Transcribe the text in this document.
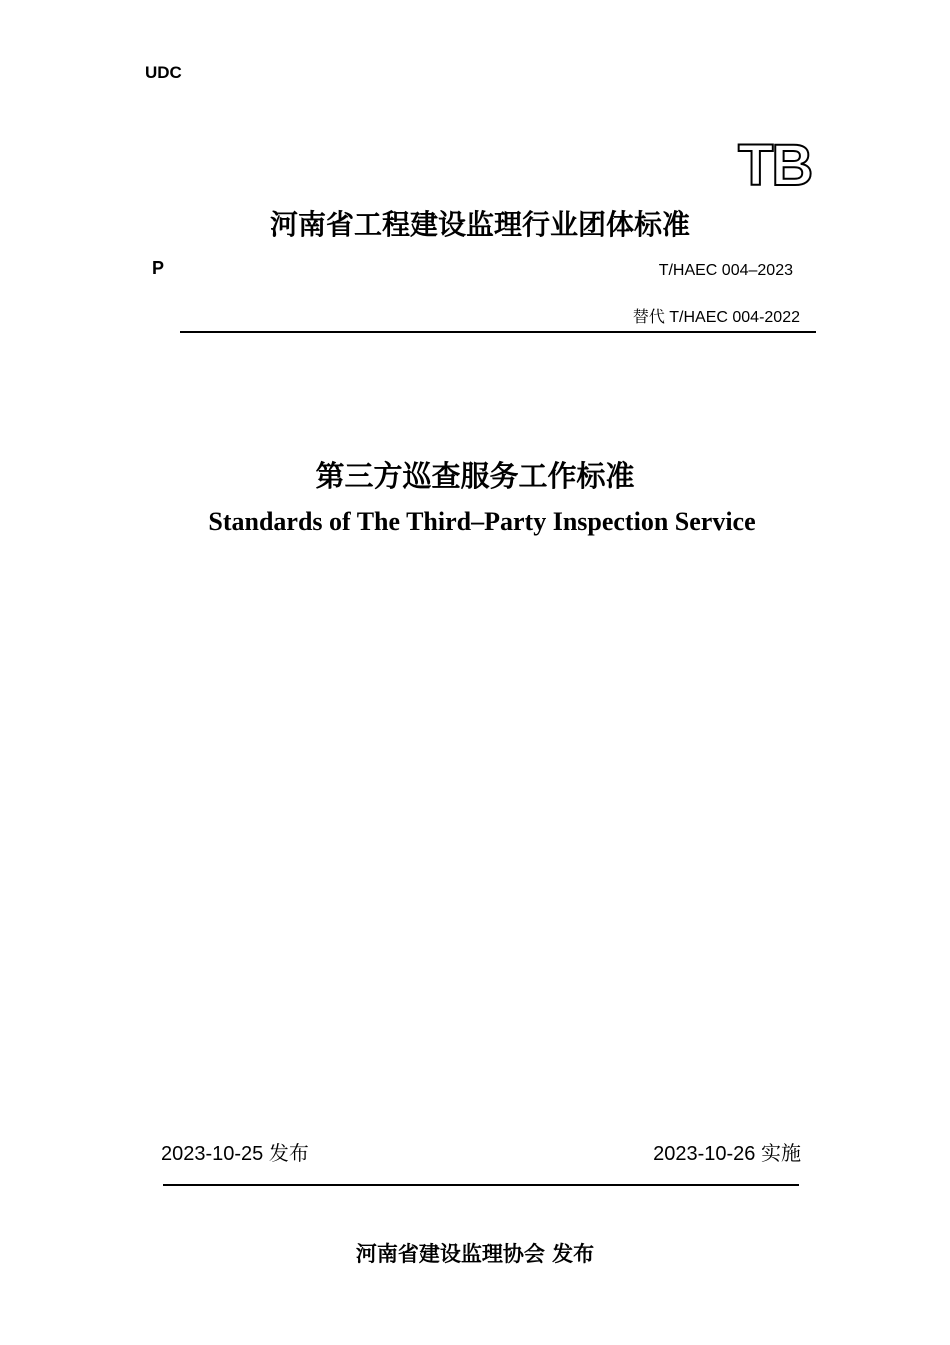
UDC
TB
河南省工程建设监理行业团体标准
P	T/HAEC 004–2023
替代 T/HAEC 004-2022
第三方巡查服务工作标准
Standards of The Third–Party Inspection Service
2023-10-25 发布	2023-10-26 实施
河南省建设监理协会 发布
